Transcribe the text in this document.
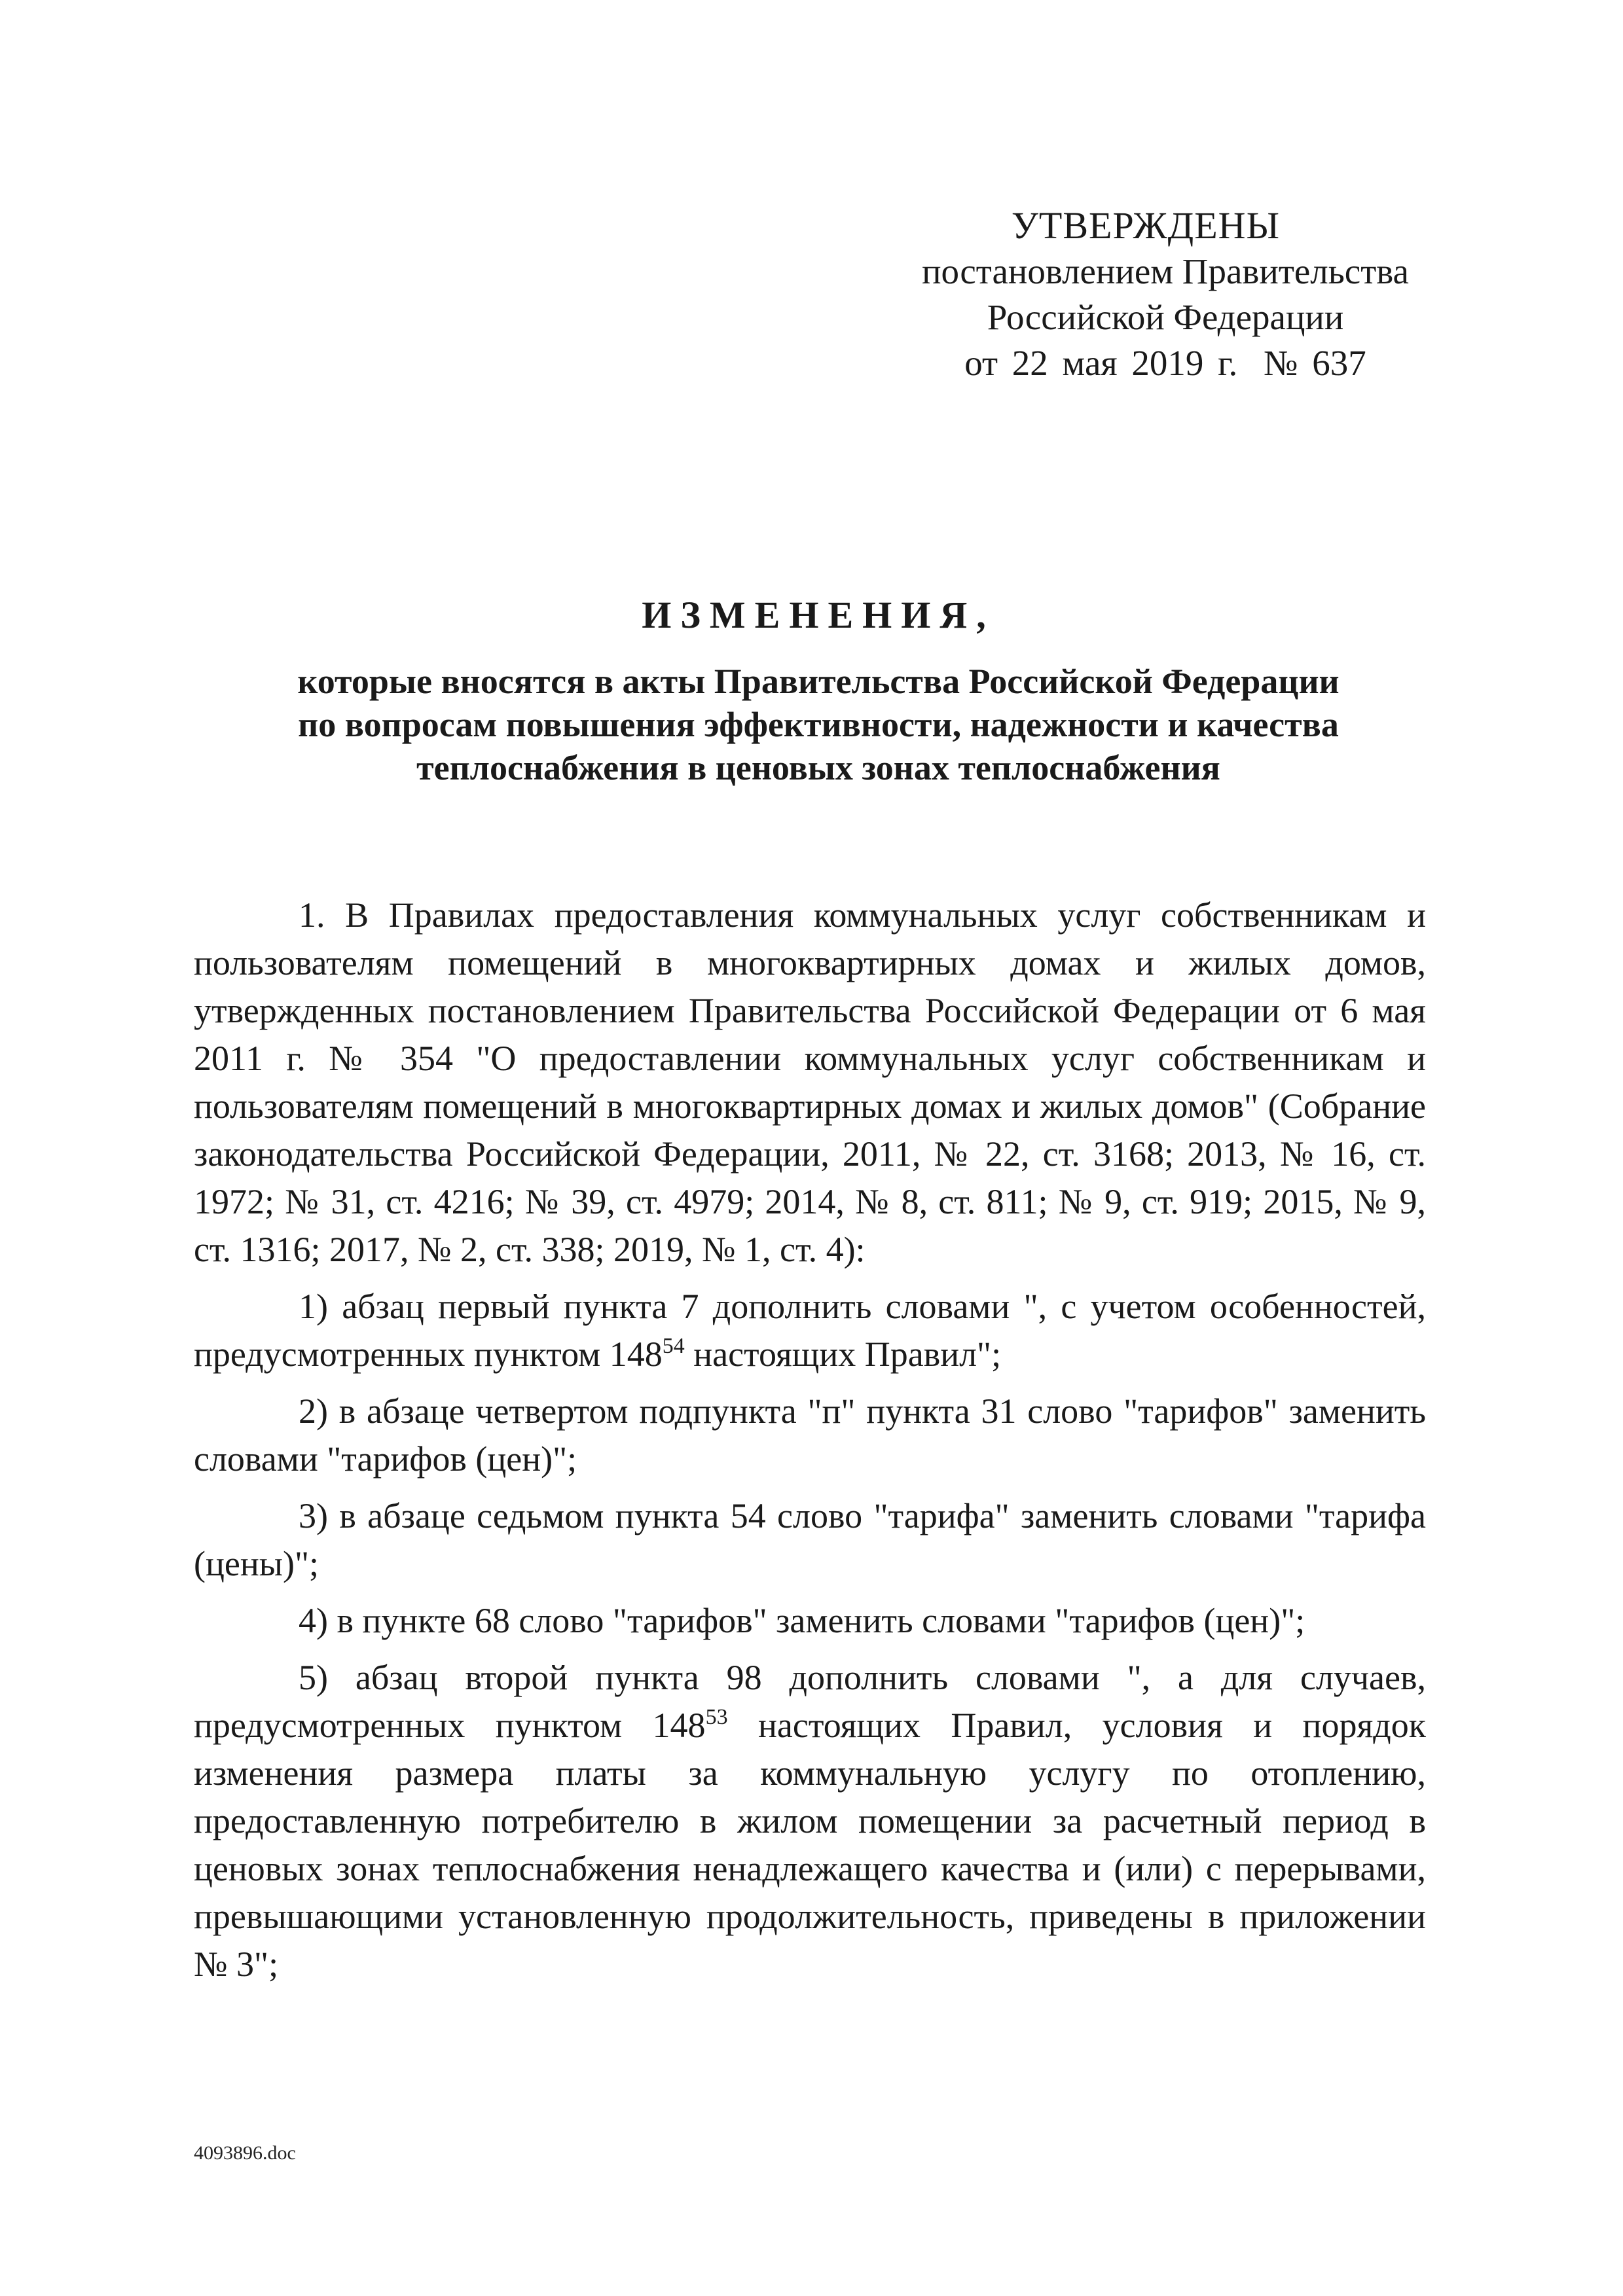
УТВЕРЖДЕНЫ
постановлением Правительства
Российской Федерации
от 22 мая 2019 г. № 637
ИЗМЕНЕНИЯ,
которые вносятся в акты Правительства Российской Федерации
по вопросам повышения эффективности, надежности и качества
теплоснабжения в ценовых зонах теплоснабжения

1. В Правилах предоставления коммунальных услуг собственникам и пользователям помещений в многоквартирных домах и жилых домов, утвержденных постановлением Правительства Российской Федерации от 6 мая 2011 г. № 354 "О предоставлении коммунальных услуг собственникам и пользователям помещений в многоквартирных домах и жилых домов" (Собрание законодательства Российской Федерации, 2011, № 22, ст. 3168; 2013, № 16, ст. 1972; № 31, ст. 4216; № 39, ст. 4979; 2014, № 8, ст. 811; № 9, ст. 919; 2015, № 9, ст. 1316; 2017, № 2, ст. 338; 2019, № 1, ст. 4):

1) абзац первый пункта 7 дополнить словами ", с учетом особенностей, предусмотренных пунктом $148^{54}$ настоящих Правил";

2) в абзаце четвертом подпункта "п" пункта 31 слово "тарифов" заменить словами "тарифов (цен)";

3) в абзаце седьмом пункта 54 слово "тарифа" заменить словами "тарифа (цены)";

4) в пункте 68 слово "тарифов" заменить словами "тарифов (цен)";

5) абзац второй пункта 98 дополнить словами ", а для случаев, предусмотренных пунктом $148^{53}$ настоящих Правил, условия и порядок изменения размера платы за коммунальную услугу по отоплению, предоставленную потребителю в жилом помещении за расчетный период в ценовых зонах теплоснабжения ненадлежащего качества и (или) с перерывами, превышающими установленную продолжительность, приведены в приложении № 3";

4093896.doc
